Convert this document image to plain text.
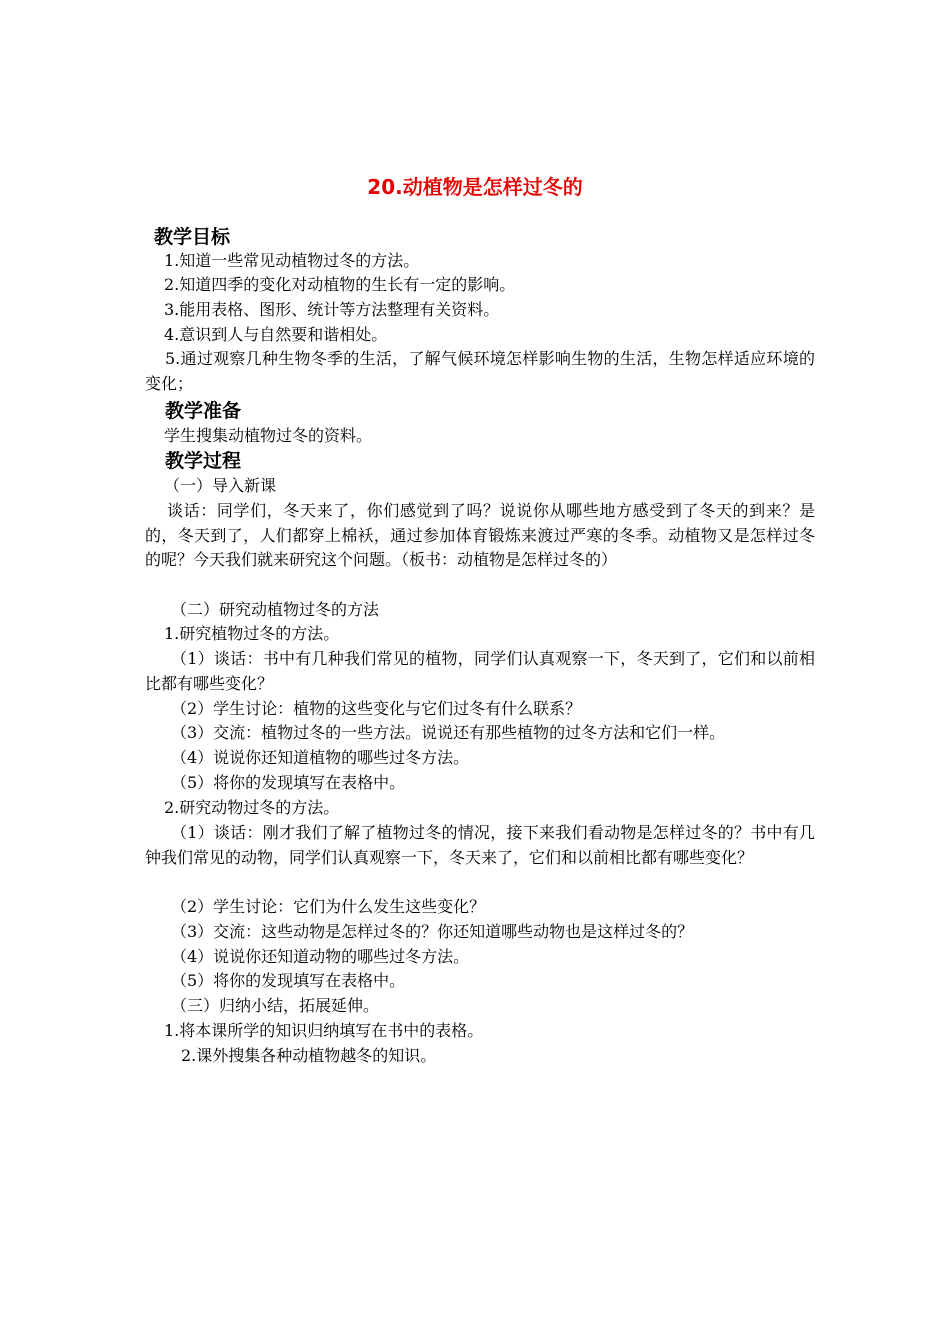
20.动植物是怎样过冬的
教学目标
1.知道一些常见动植物过冬的方法。
2.知道四季的变化对动植物的生长有一定的影响。
3.能用表格、图形、统计等方法整理有关资料。
4.意识到人与自然要和谐相处。
5.通过观察几种生物冬季的生活，了解气候环境怎样影响生物的生活，生物怎样适应环境的变化；
教学准备
学生搜集动植物过冬的资料。
教学过程
（一）导入新课
谈话：同学们，冬天来了，你们感觉到了吗？说说你从哪些地方感受到了冬天的到来？是的，冬天到了，人们都穿上棉袄，通过参加体育锻炼来渡过严寒的冬季。动植物又是怎样过冬的呢？今天我们就来研究这个问题。（板书：动植物是怎样过冬的）
（二）研究动植物过冬的方法
1.研究植物过冬的方法。
（1）谈话：书中有几种我们常见的植物，同学们认真观察一下，冬天到了，它们和以前相比都有哪些变化？
（2）学生讨论：植物的这些变化与它们过冬有什么联系？
（3）交流：植物过冬的一些方法。说说还有那些植物的过冬方法和它们一样。
（4）说说你还知道植物的哪些过冬方法。
（5）将你的发现填写在表格中。
2.研究动物过冬的方法。
（1）谈话：刚才我们了解了植物过冬的情况，接下来我们看动物是怎样过冬的？书中有几钟我们常见的动物，同学们认真观察一下，冬天来了，它们和以前相比都有哪些变化？
（2）学生讨论：它们为什么发生这些变化？
（3）交流：这些动物是怎样过冬的？你还知道哪些动物也是这样过冬的？
（4）说说你还知道动物的哪些过冬方法。
（5）将你的发现填写在表格中。
（三）归纳小结，拓展延伸。
1.将本课所学的知识归纳填写在书中的表格。
2.课外搜集各种动植物越冬的知识。
